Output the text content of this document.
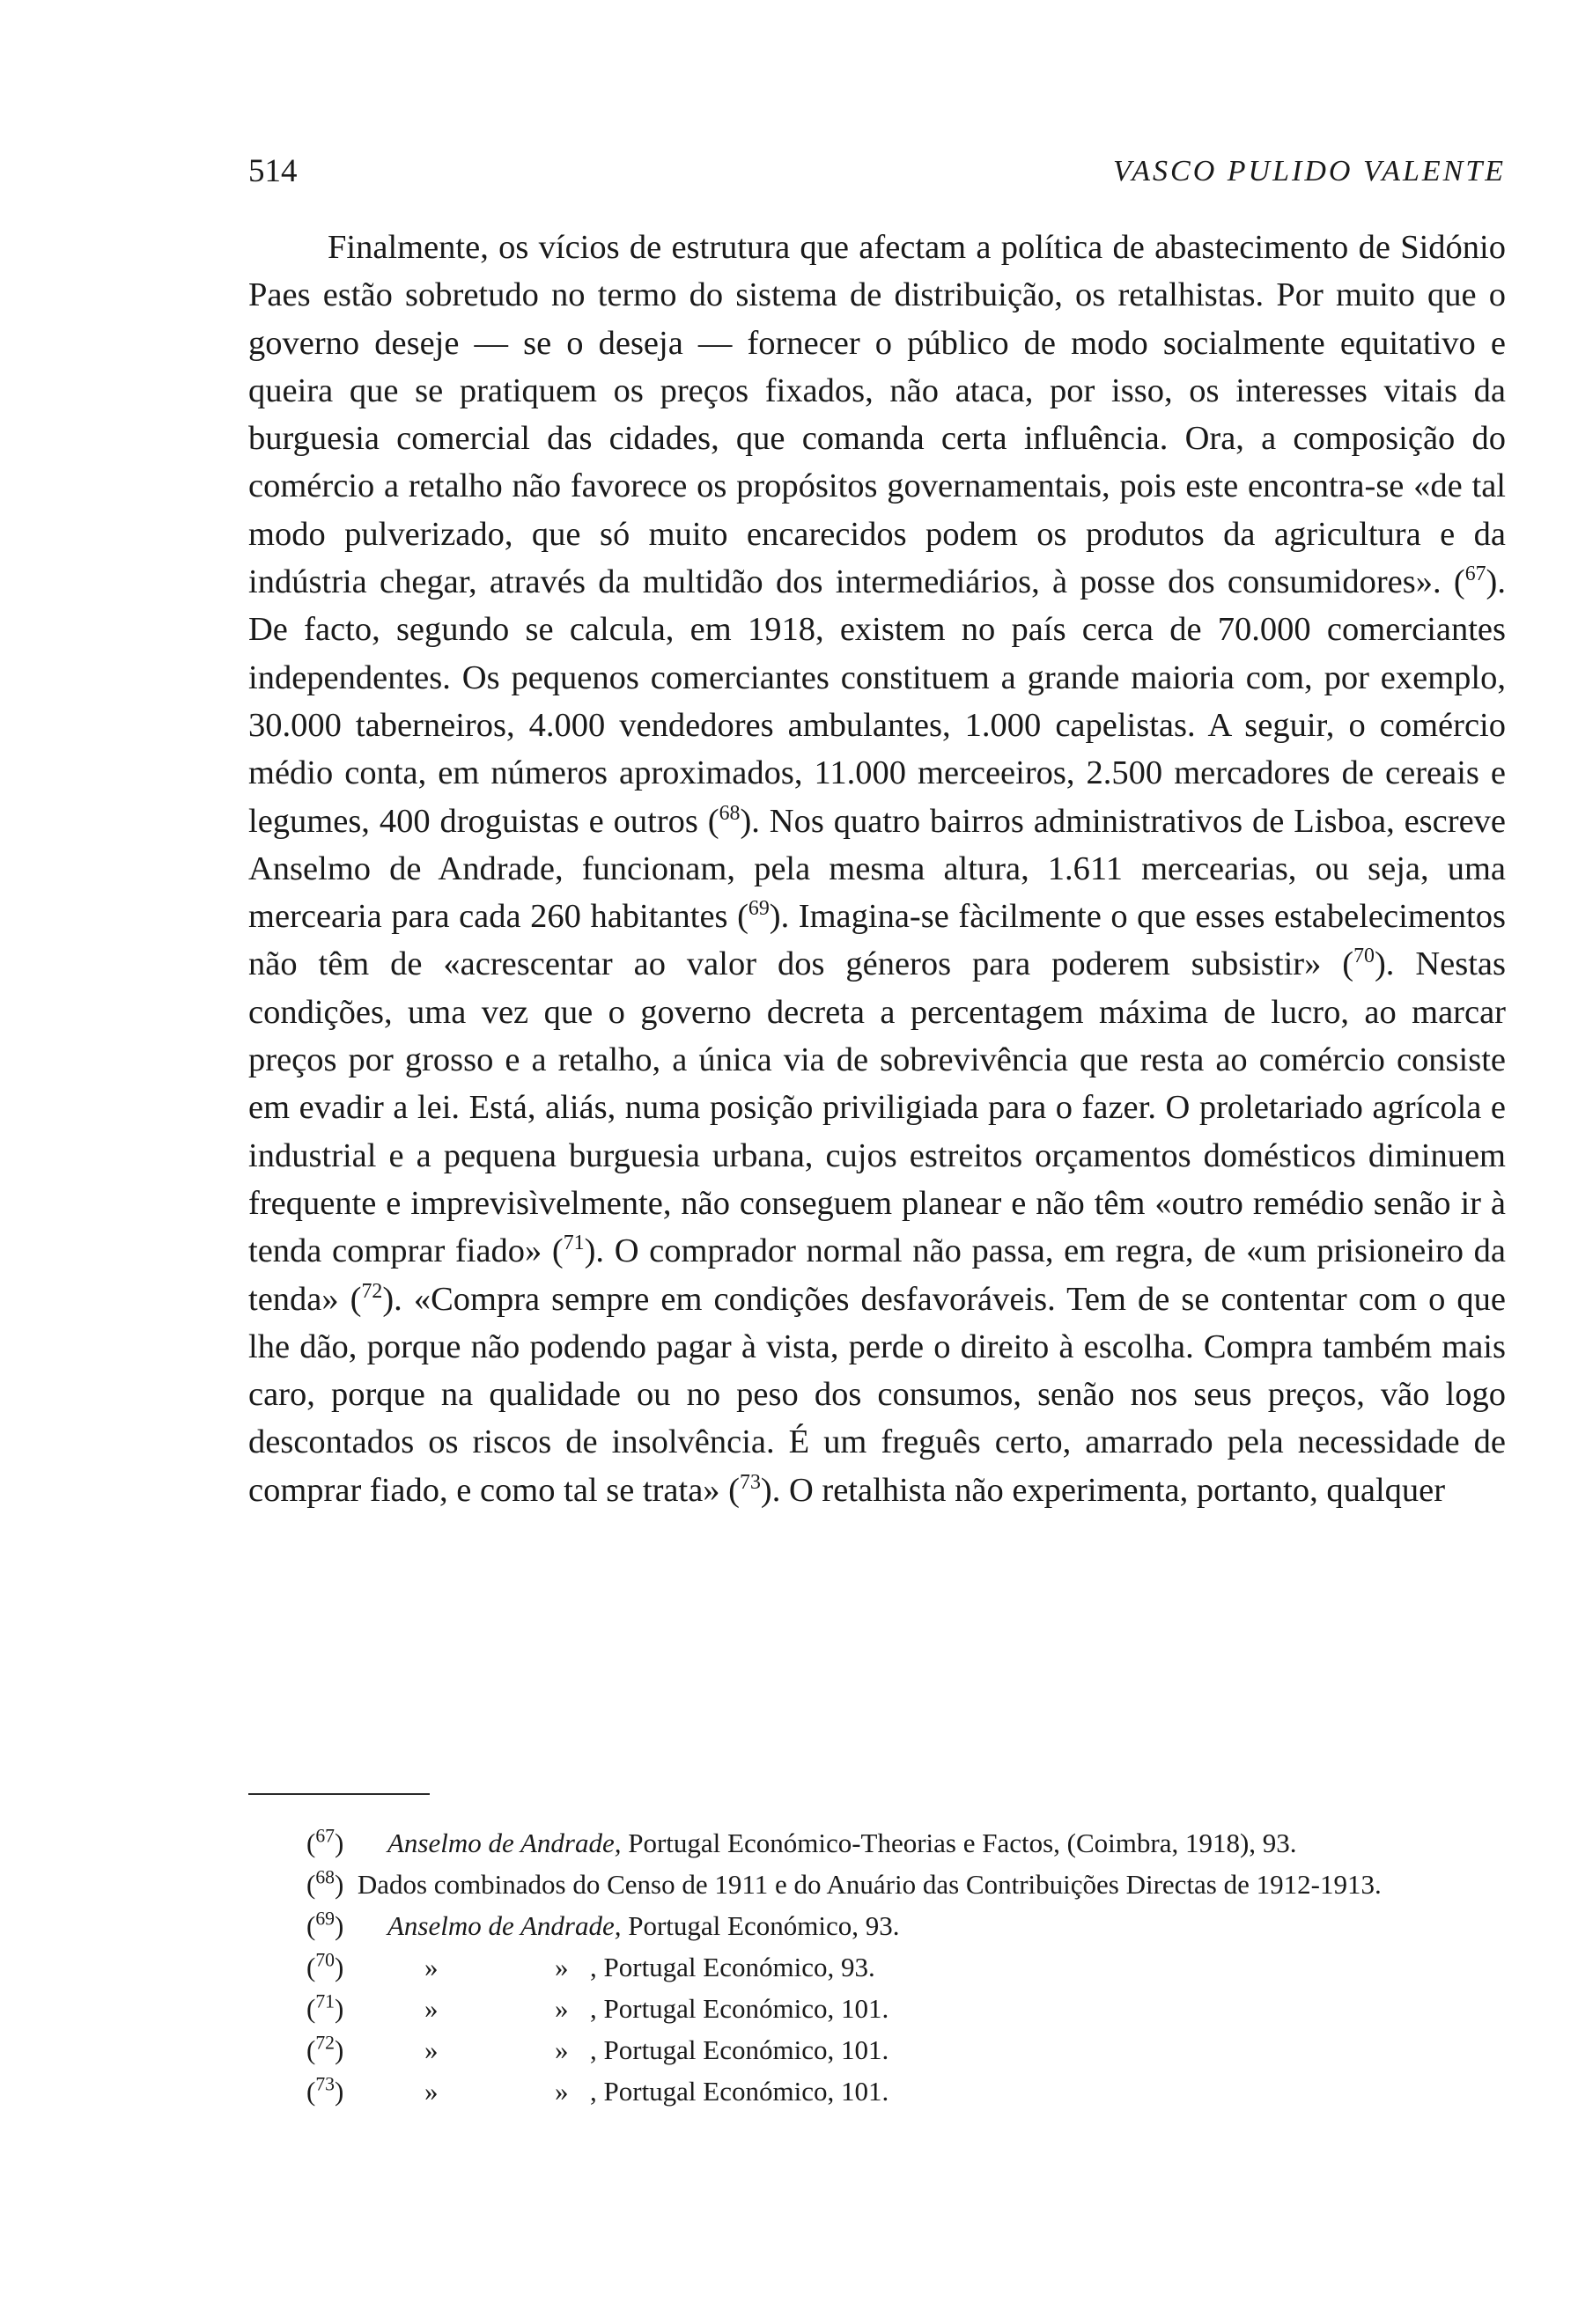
514	VASCO PULIDO VALENTE

Finalmente, os vícios de estrutura que afectam a política de abastecimento de Sidónio Paes estão sobretudo no termo do sistema de distribuição, os retalhistas. Por muito que o governo deseje — se o deseja — fornecer o público de modo socialmente equitativo e queira que se pratiquem os preços fixados, não ataca, por isso, os interesses vitais da burguesia comercial das cidades, que comanda certa influência. Ora, a composição do comércio a retalho não favorece os propósitos governamentais, pois este encontra-se «de tal modo pulverizado, que só muito encarecidos podem os produtos da agricultura e da indústria chegar, através da multidão dos intermediários, à posse dos consumidores». ($^{67}$). De facto, segundo se calcula, em 1918, existem no país cerca de 70.000 comerciantes independentes. Os pequenos comerciantes constituem a grande maioria com, por exemplo, 30.000 taberneiros, 4.000 vendedores ambulantes, 1.000 capelistas. A seguir, o comércio médio conta, em números aproximados, 11.000 merceeiros, 2.500 mercadores de cereais e legumes, 400 droguistas e outros ($^{68}$). Nos quatro bairros administrativos de Lisboa, escreve Anselmo de Andrade, funcionam, pela mesma altura, 1.611 mercearias, ou seja, uma mercearia para cada 260 habitantes ($^{69}$). Imagina-se fàcilmente o que esses estabelecimentos não têm de «acrescentar ao valor dos géneros para poderem subsistir» ($^{70}$). Nestas condições, uma vez que o governo decreta a percentagem máxima de lucro, ao marcar preços por grosso e a retalho, a única via de sobrevivência que resta ao comércio consiste em evadir a lei. Está, aliás, numa posição priviligiada para o fazer. O proletariado agrícola e industrial e a pequena burguesia urbana, cujos estreitos orçamentos domésticos diminuem frequente e imprevisìvelmente, não conseguem planear e não têm «outro remédio senão ir à tenda comprar fiado» ($^{71}$). O comprador normal não passa, em regra, de «um prisioneiro da tenda» ($^{72}$). «Compra sempre em condições desfavoráveis. Tem de se contentar com o que lhe dão, porque não podendo pagar à vista, perde o direito à escolha. Compra também mais caro, porque na qualidade ou no peso dos consumos, senão nos seus preços, vão logo descontados os riscos de insolvência. É um freguês certo, amarrado pela necessidade de comprar fiado, e como tal se trata» ($^{73}$). O retalhista não experimenta, portanto, qualquer

($^{67}$) Anselmo de Andrade, Portugal Económico-Theorias e Factos, (Coimbra, 1918), 93.
($^{68}$) Dados combinados do Censo de 1911 e do Anuário das Contribuições Directas de 1912-1913.
($^{69}$) Anselmo de Andrade, Portugal Económico, 93.
($^{70}$)	»	» , Portugal Económico, 93.
($^{71}$)	»	» , Portugal Económico, 101.
($^{72}$)	»	» , Portugal Económico, 101.
($^{73}$)	»	» , Portugal Económico, 101.
